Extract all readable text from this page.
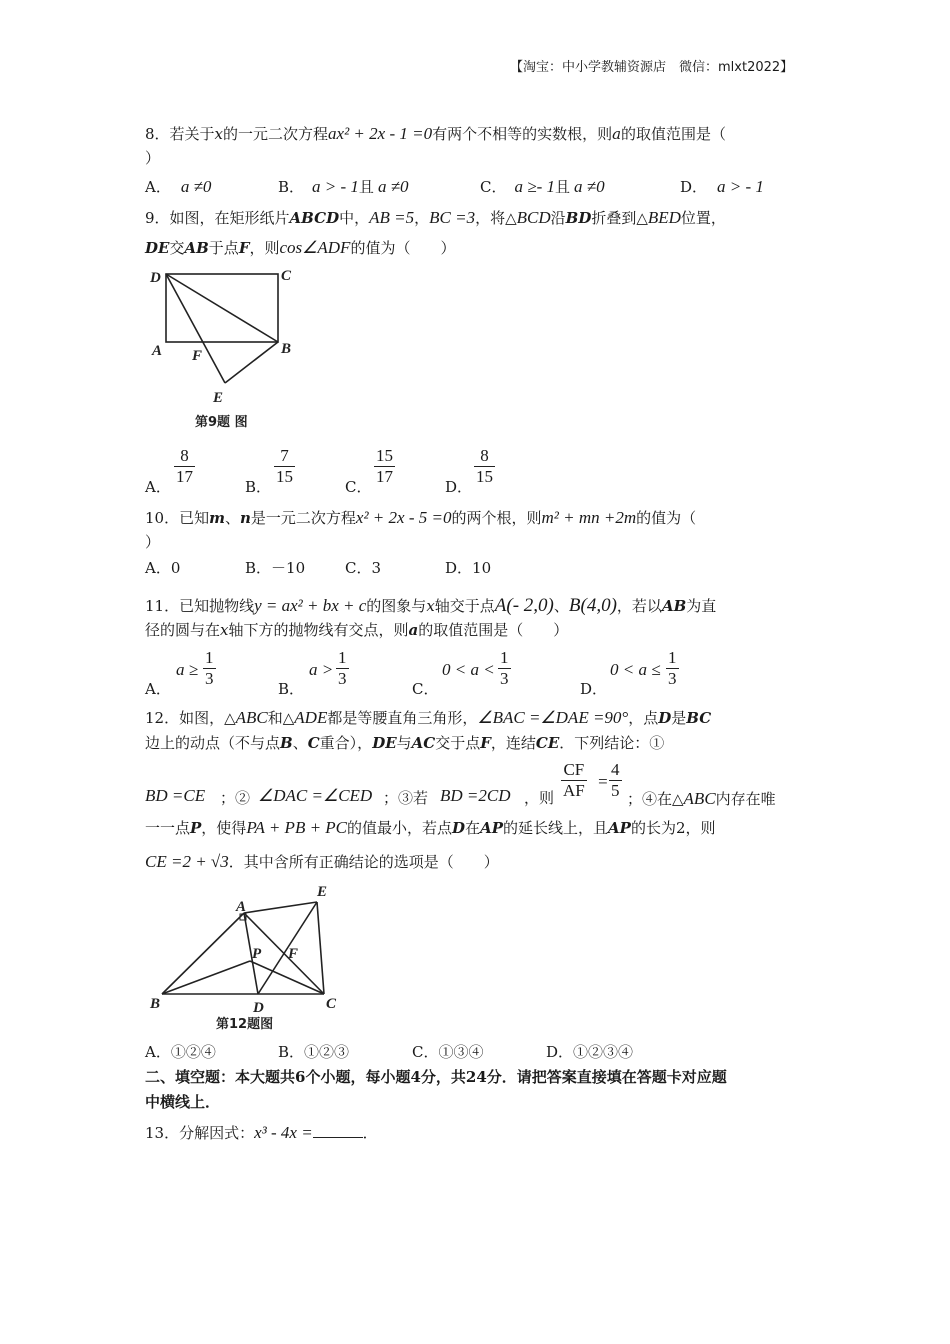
【淘宝：中小学教辅资源店　微信：mlxt2022】
8．若关于x的一元二次方程ax² + 2x - 1 =0有两个不相等的实数根，则a的取值范围是（
）
A． a ≠0	B． a > - 1且 a ≠0	C． a ≥- 1且 a ≠0	D． a > - 1
9．如图，在矩形纸片ABCD中，AB =5，BC =3，将△BCD沿BD折叠到△BED位置，
DE交AB于点F，则cos∠ADF的值为（　　）
D	C
A F	B
E
第9题 图
A．
$\frac{8}{17}$
B．
$\frac{7}{15}$
C．
$\frac{15}{17}$
D．
$\frac{8}{15}$
10．已知m、n是一元二次方程x² + 2x - 5 =0的两个根，则m² + mn +2m的值为（
）
A．0	B．－10	C．3	D．10
11．已知抛物线y = ax² + bx + c的图象与x轴交于点A(- 2,0)、B(4,0)，若以AB为直
径的圆与在x轴下方的抛物线有交点，则a的取值范围是（　　）
A．
$a \ge \frac{1}{3}$
B．
$a > \frac{1}{3}$
C．
$0 < a < \frac{1}{3}$
D．
$0 < a \le \frac{1}{3}$
12．如图，△ABC和△ADE都是等腰直角三角形，∠BAC =∠DAE =90°，点D是BC
边上的动点（不与点B、C重合），DE与AC交于点F，连结CE．下列结论：①
BD =CE ；② ∠DAC =∠CED ；③若 BD =2CD ，则 $\frac{CF}{AF} = \frac{4}{5}$ ；④在△ABC内存在唯
一一点P，使得PA + PB + PC的值最小，若点D在AP的延长线上，且AP的长为2，则
CE =2 + √3．其中含所有正确结论的选项是（　　）
A
E
P F
B	D	C
第12题图
A．①②④	B．①②③	C．①③④	D．①②③④
二、填空题：本大题共6个小题，每小题4分，共24分．请把答案直接填在答题卡对应题
中横线上．
13．分解因式：x³ - 4x =	．
